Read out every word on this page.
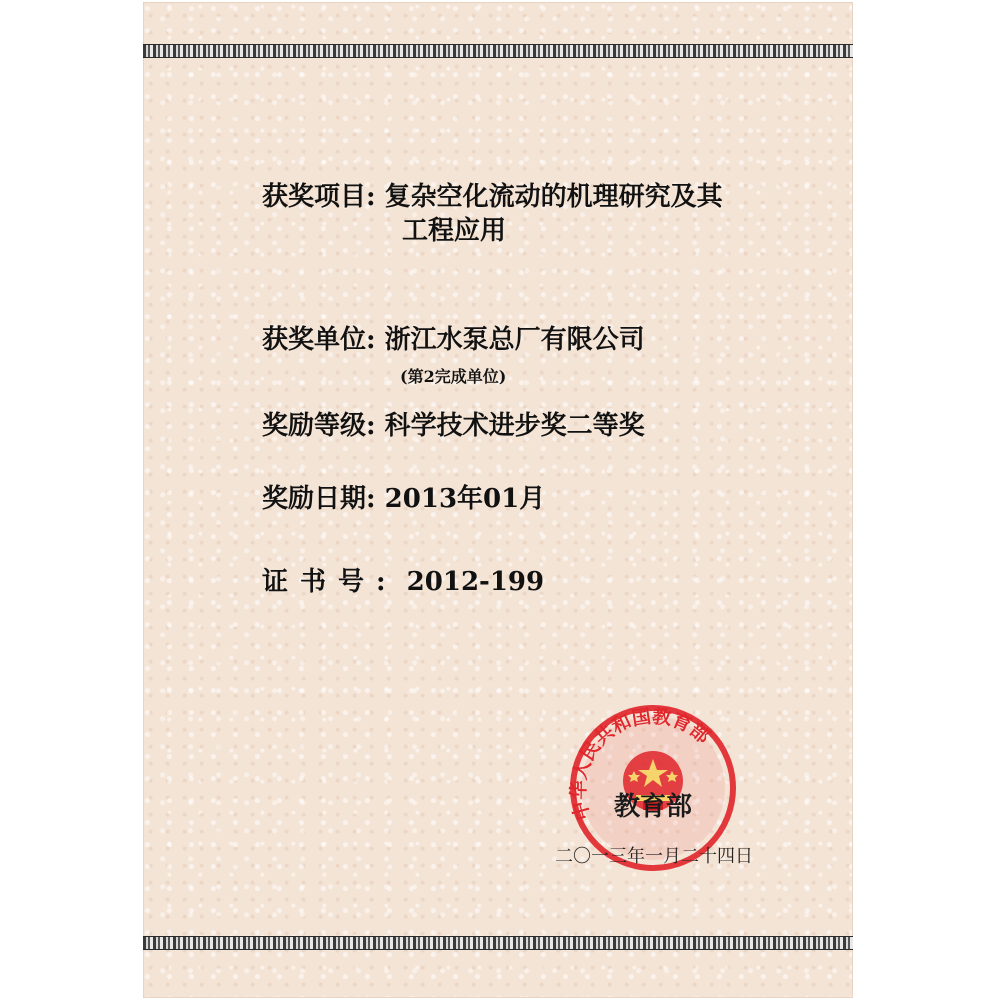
获奖项目: 复杂空化流动的机理研究及其
工程应用
获奖单位: 浙江水泵总厂有限公司
(第2完成单位)
奖励等级: 科学技术进步奖二等奖
奖励日期: 2013年01月
证书号: 2012-199
中华人民共和国教育部
教育部
二〇一三年一月二十四日
